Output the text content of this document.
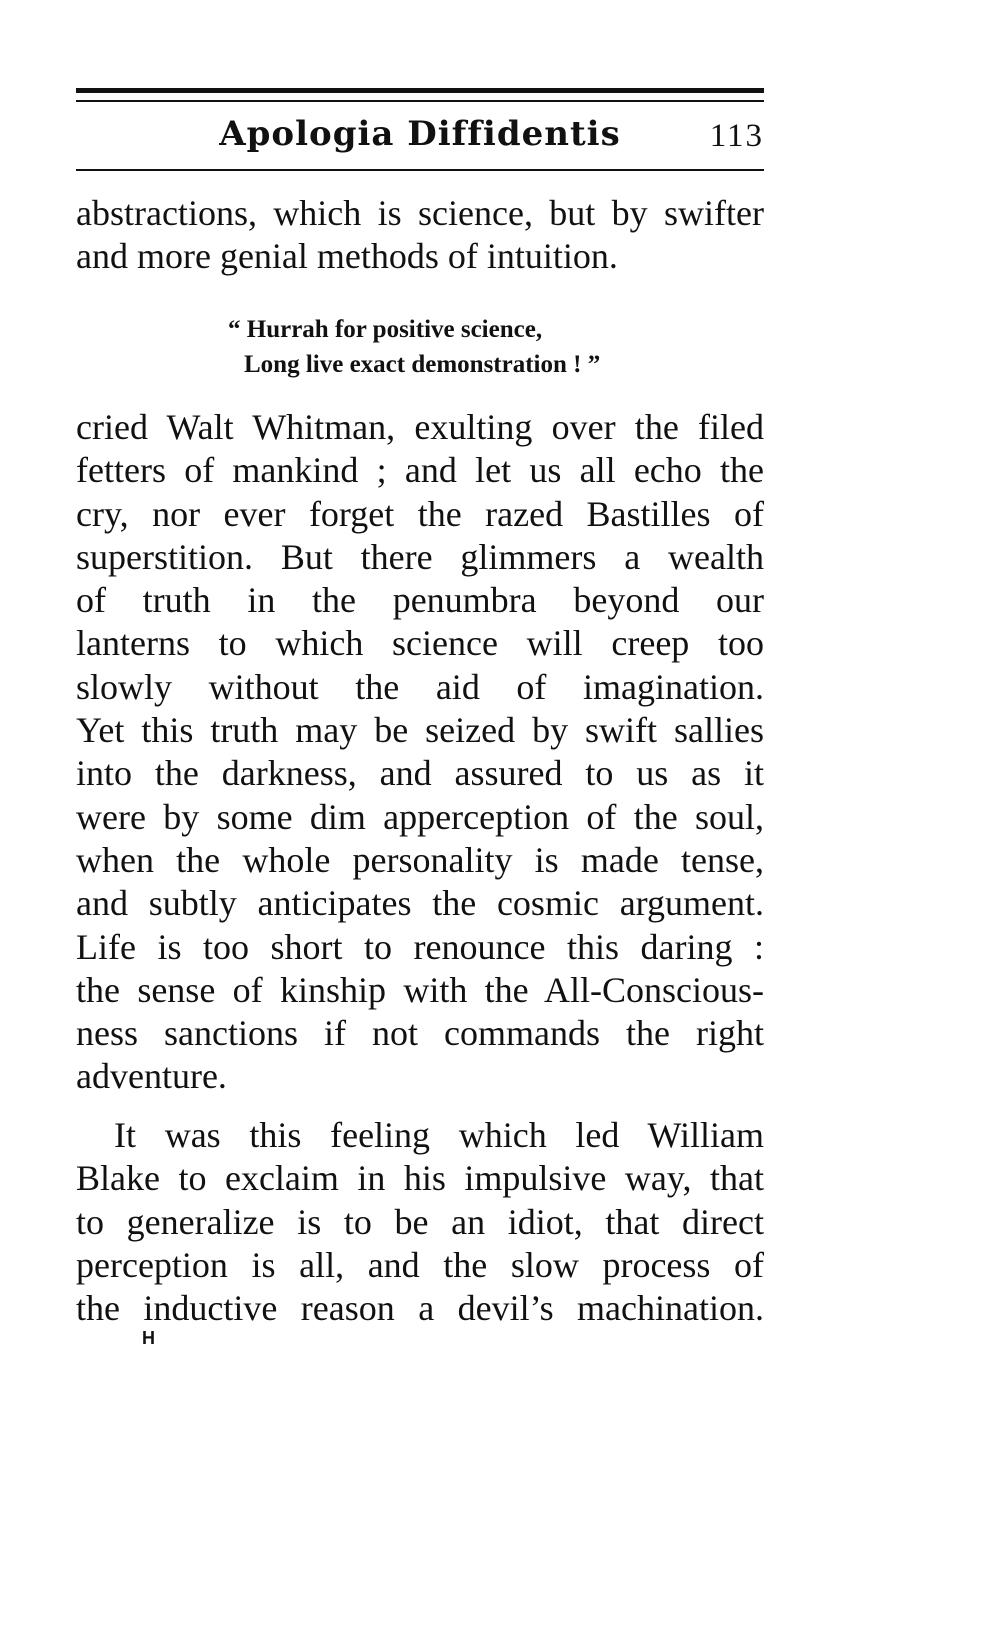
Apologia Diffidentis	113
abstractions, which is science, but by swifter
and more genial methods of intuition.
“ Hurrah for positive science,
Long live exact demonstration ! ”
cried Walt Whitman, exulting over the filed
fetters of mankind ; and let us all echo the
cry, nor ever forget the razed Bastilles of
superstition. But there glimmers a wealth
of truth in the penumbra beyond our
lanterns to which science will creep too
slowly without the aid of imagination.
Yet this truth may be seized by swift sallies
into the darkness, and assured to us as it
were by some dim apperception of the soul,
when the whole personality is made tense,
and subtly anticipates the cosmic argument.
Life is too short to renounce this daring :
the sense of kinship with the All-Conscious-
ness sanctions if not commands the right
adventure.
It was this feeling which led William
Blake to exclaim in his impulsive way, that
to generalize is to be an idiot, that direct
perception is all, and the slow process of
the inductive reason a devil’s machination.
H
